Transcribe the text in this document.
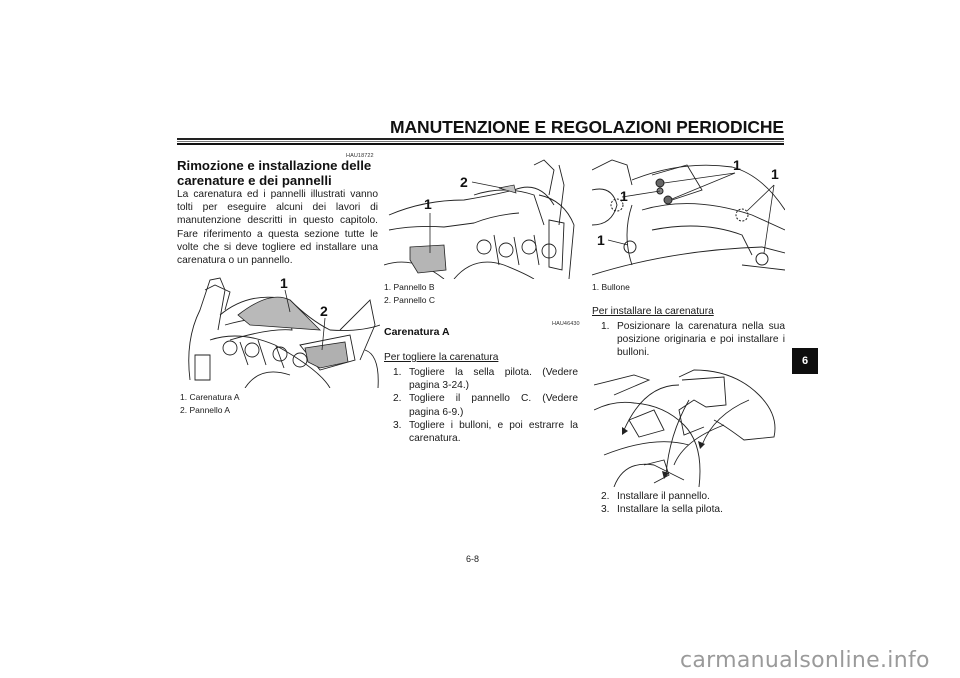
MANUTENZIONE E REGOLAZIONI PERIODICHE
HAU18722
Rimozione e installazione delle
carenature e dei pannelli
La carenatura ed i pannelli illustrati vanno tolti per eseguire alcuni dei lavori di manutenzione descritti in questo capitolo. Fare riferimento a questa sezione tutte le volte che si deve togliere ed installare una carenatura o un pannello.
1
2
1. Carenatura A
2. Pannello A
1
2
1. Pannello B
2. Pannello C
HAU46430
Carenatura A
Per togliere la carenatura
1. Togliere la sella pilota. (Vedere pagina 3-24.)
2. Togliere il pannello C. (Vedere pagina 6-9.)
3. Togliere i bulloni, e poi estrarre la carenatura.
1
1
1
1
1. Bullone
Per installare la carenatura
1. Posizionare la carenatura nella sua posizione originaria e poi installare i bulloni.
2. Installare il pannello.
3. Installare la sella pilota.
6
6-8
carmanualsonline.info
